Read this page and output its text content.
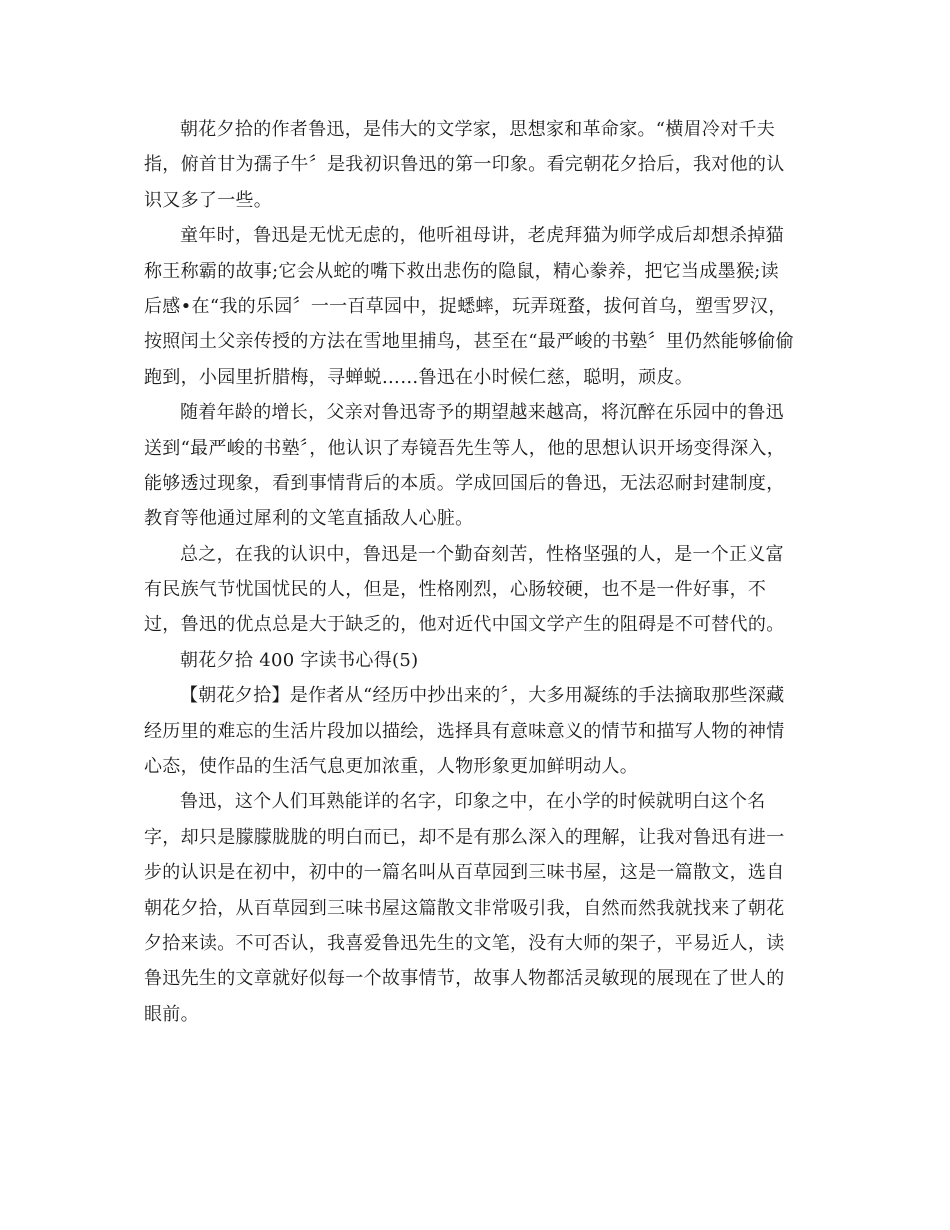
朝花夕拾的作者鲁迅，是伟大的文学家，思想家和革命家。“横眉冷对千夫
指，俯首甘为孺子牛〞是我初识鲁迅的第一印象。看完朝花夕拾后，我对他的认
识又多了一些。

童年时，鲁迅是无忧无虑的，他听祖母讲，老虎拜猫为师学成后却想杀掉猫
称王称霸的故事;它会从蛇的嘴下救出悲伤的隐鼠，精心豢养，把它当成墨猴;读
后感•在“我的乐园〞一一百草园中，捉蟋蟀，玩弄斑蝥，拔何首乌，塑雪罗汉，
按照闰土父亲传授的方法在雪地里捕鸟，甚至在“最严峻的书塾〞里仍然能够偷偷
跑到，小园里折腊梅，寻蝉蜕……鲁迅在小时候仁慈，聪明，顽皮。

随着年龄的增长，父亲对鲁迅寄予的期望越来越高，将沉醉在乐园中的鲁迅
送到“最严峻的书塾〞，他认识了寿镜吾先生等人，他的思想认识开场变得深入，
能够透过现象，看到事情背后的本质。学成回国后的鲁迅，无法忍耐封建制度，
教育等他通过犀利的文笔直插敌人心脏。

总之，在我的认识中，鲁迅是一个勤奋刻苦，性格坚强的人，是一个正义富
有民族气节忧国忧民的人，但是，性格刚烈，心肠较硬，也不是一件好事，不
过，鲁迅的优点总是大于缺乏的，他对近代中国文学产生的阻碍是不可替代的。

朝花夕拾 400 字读书心得(5)

【朝花夕拾】是作者从“经历中抄出来的〞，大多用凝练的手法摘取那些深藏
经历里的难忘的生活片段加以描绘，选择具有意味意义的情节和描写人物的神情
心态，使作品的生活气息更加浓重，人物形象更加鲜明动人。

鲁迅，这个人们耳熟能详的名字，印象之中，在小学的时候就明白这个名
字，却只是朦朦胧胧的明白而已，却不是有那么深入的理解，让我对鲁迅有进一
步的认识是在初中，初中的一篇名叫从百草园到三味书屋，这是一篇散文，选自
朝花夕拾，从百草园到三味书屋这篇散文非常吸引我，自然而然我就找来了朝花
夕拾来读。不可否认，我喜爱鲁迅先生的文笔，没有大师的架子，平易近人，读
鲁迅先生的文章就好似每一个故事情节，故事人物都活灵敏现的展现在了世人的
眼前。
